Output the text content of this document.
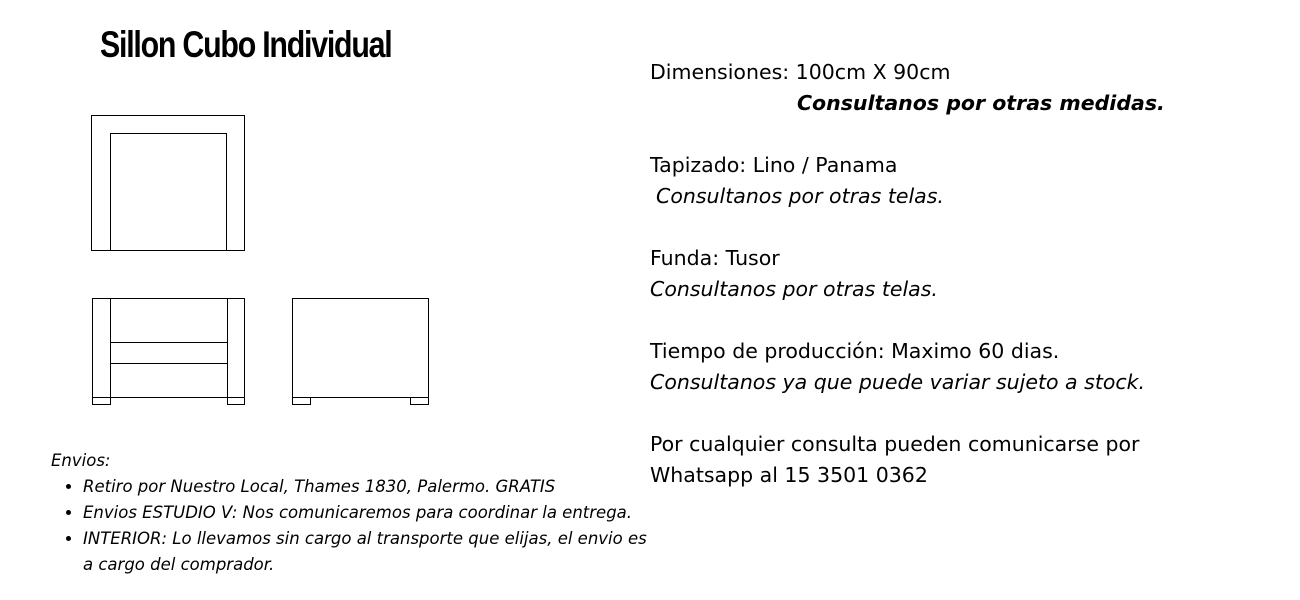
Sillon Cubo Individual

Envios:

• Retiro por Nuestro Local, Thames 1830, Palermo. GRATIS
• Envios ESTUDIO V: Nos comunicaremos para coordinar la entrega.
• INTERIOR: Lo llevamos sin cargo al transporte que elijas, el envio es a cargo del comprador.

Dimensiones: 100cm X 90cm

Consultanos por otras medidas.

Tapizado: Lino / Panama

Consultanos por otras telas.

Funda: Tusor

Consultanos por otras telas.

Tiempo de producción: Maximo 60 dias.

Consultanos ya que puede variar sujeto a stock.

Por cualquier consulta pueden comunicarse por Whatsapp al 15 3501 0362
